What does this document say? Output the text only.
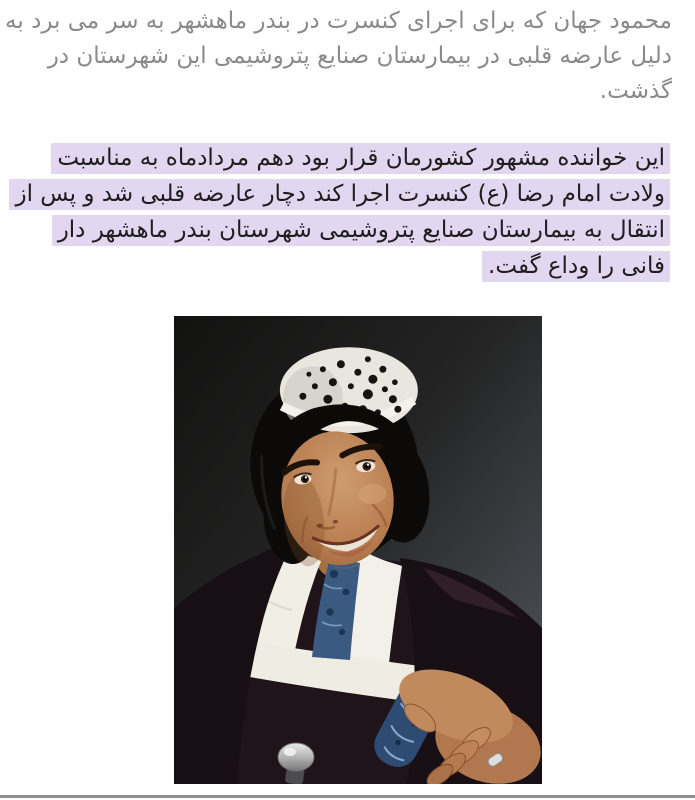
محمود جهان که برای اجرای کنسرت در بندر ماهشهر به سر می برد به
دلیل عارضه قلبی در بیمارستان صنایع پتروشیمی این شهرستان در
گذشت.

این خواننده مشهور کشورمان قرار بود دهم مردادماه به مناسبت
ولادت امام رضا (ع) کنسرت اجرا کند دچار عارضه قلبی شد و پس از
انتقال به بیمارستان صنایع پتروشیمی شهرستان بندر ماهشهر دار
فانی را وداع گفت.
